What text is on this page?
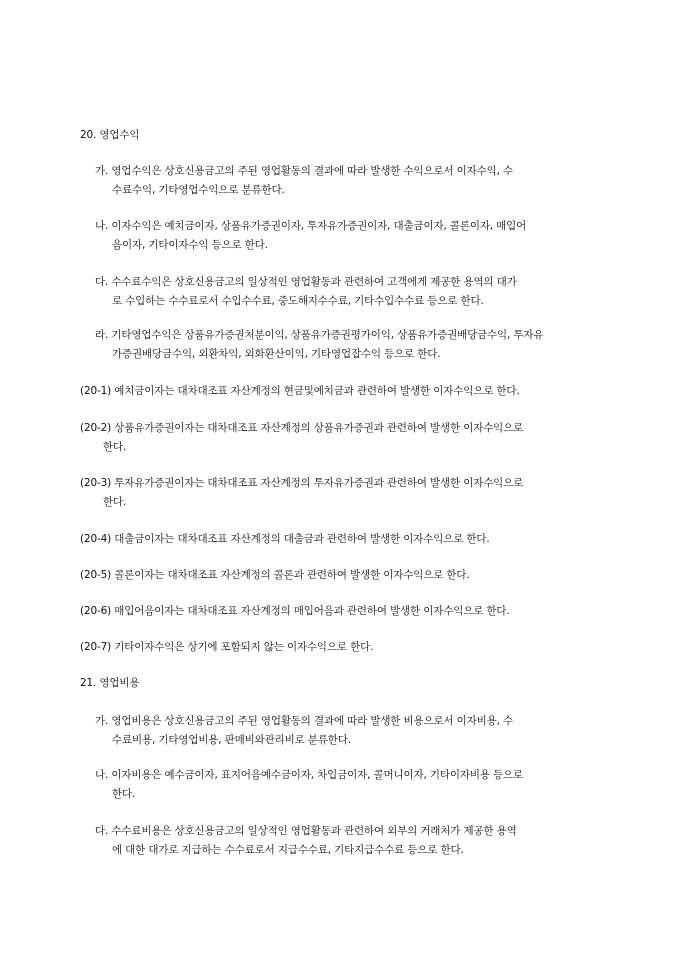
20. 영업수익
가. 영업수익은 상호신용금고의 주된 영업활동의 결과에 따라 발생한 수익으로서 이자수익, 수
수료수익, 기타영업수익으로 분류한다.
나. 이자수익은 예치금이자, 상품유가증권이자, 투자유가증권이자, 대출금이자, 콜론이자, 매입어
음이자, 기타이자수익 등으로 한다.
다. 수수료수익은 상호신용금고의 일상적인 영업활동과 관련하여 고객에게 제공한 용역의 대가
로 수입하는 수수료로서 수입수수료, 중도해지수수료, 기타수입수수료 등으로 한다.
라. 기타영업수익은 상품유가증권처분이익, 상품유가증권평가이익, 상품유가증권배당금수익, 투자유
가증권배당금수익, 외환차익, 외화환산이익, 기타영업잡수익 등으로 한다.
(20-1) 예치금이자는 대차대조표 자산계정의 현금및예치금과 관련하여 발생한 이자수익으로 한다.
(20-2) 상품유가증권이자는 대차대조표 자산계정의 상품유가증권과 관련하여 발생한 이자수익으로
한다.
(20-3) 투자유가증권이자는 대차대조표 자산계정의 투자유가증권과 관련하여 발생한 이자수익으로
한다.
(20-4) 대출금이자는 대차대조표 자산계정의 대출금과 관련하여 발생한 이자수익으로 한다.
(20-5) 콜론이자는 대차대조표 자산계정의 콜론과 관련하여 발생한 이자수익으로 한다.
(20-6) 매입어음이자는 대차대조표 자산계정의 매입어음과 관련하여 발생한 이자수익으로 한다.
(20-7) 기타이자수익은 상기에 포함되지 않는 이자수익으로 한다.
21. 영업비용
가. 영업비용은 상호신용금고의 주된 영업활동의 결과에 따라 발생한 비용으로서 이자비용, 수
수료비용, 기타영업비용, 판매비와관리비로 분류한다.
나. 이자비용은 예수금이자, 표지어음예수금이자, 차입금이자, 콜머니이자, 기타이자비용 등으로
한다.
다. 수수료비용은 상호신용금고의 일상적인 영업활동과 관련하여 외부의 거래처가 제공한 용역
에 대한 대가로 지급하는 수수료로서 지급수수료, 기타지급수수료 등으로 한다.
